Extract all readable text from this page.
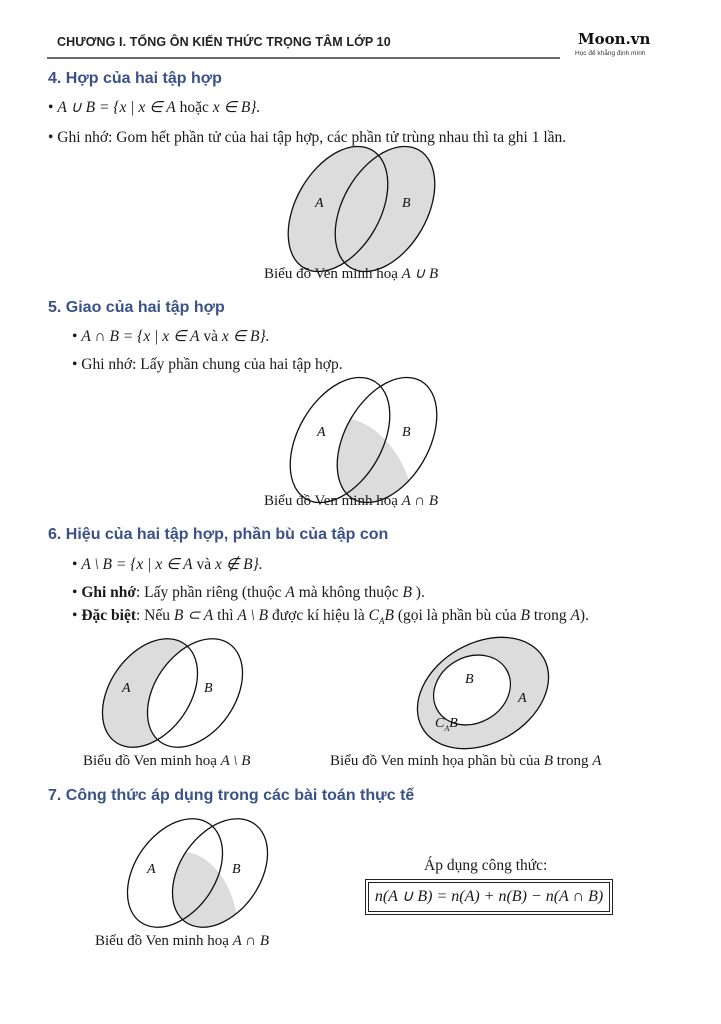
CHƯƠNG I. TỔNG ÔN KIẾN THỨC TRỌNG TÂM LỚP 10	Moon.vn
Học để khẳng định mình
4. Hợp của hai tập hợp
• A ∪ B = {x | x ∈ A hoặc x ∈ B}.
• Ghi nhớ: Gom hết phần tử của hai tập hợp, các phần tử trùng nhau thì ta ghi 1 lần.
A	B
Biểu đồ Ven minh hoạ A ∪ B
5. Giao của hai tập hợp
• A ∩ B = {x | x ∈ A và x ∈ B}.
• Ghi nhớ: Lấy phần chung của hai tập hợp.
A	B
Biểu đồ Ven minh hoạ A ∩ B
6. Hiệu của hai tập hợp, phần bù của tập con
• A \ B = {x | x ∈ A và x ∉ B}.
• Ghi nhớ: Lấy phần riêng (thuộc A mà không thuộc B ).
• Đặc biệt: Nếu B ⊂ A thì A \ B được kí hiệu là $C_AB$ (gọi là phần bù của B trong A).
A	B
B
A
$C_AB$
Biểu đồ Ven minh hoạ A \ B	Biểu đồ Ven minh họa phần bù của B trong A
7. Công thức áp dụng trong các bài toán thực tế
A	B
Biểu đồ Ven minh hoạ A ∩ B
Áp dụng công thức:
n(A ∪ B) = n(A) + n(B) − n(A ∩ B)
